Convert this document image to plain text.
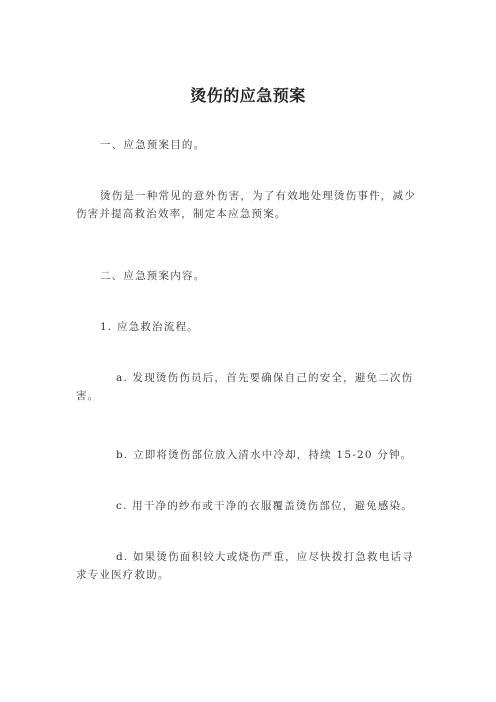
烫伤的应急预案

一、应急预案目的。

烫伤是一种常见的意外伤害，为了有效地处理烫伤事件，减少伤害并提高救治效率，制定本应急预案。

二、应急预案内容。

1. 应急救治流程。

a. 发现烫伤伤员后，首先要确保自己的安全，避免二次伤害。

b. 立即将烫伤部位放入清水中冷却，持续 15-20 分钟。

c. 用干净的纱布或干净的衣服覆盖烫伤部位，避免感染。

d. 如果烫伤面积较大或烧伤严重，应尽快拨打急救电话寻求专业医疗救助。
